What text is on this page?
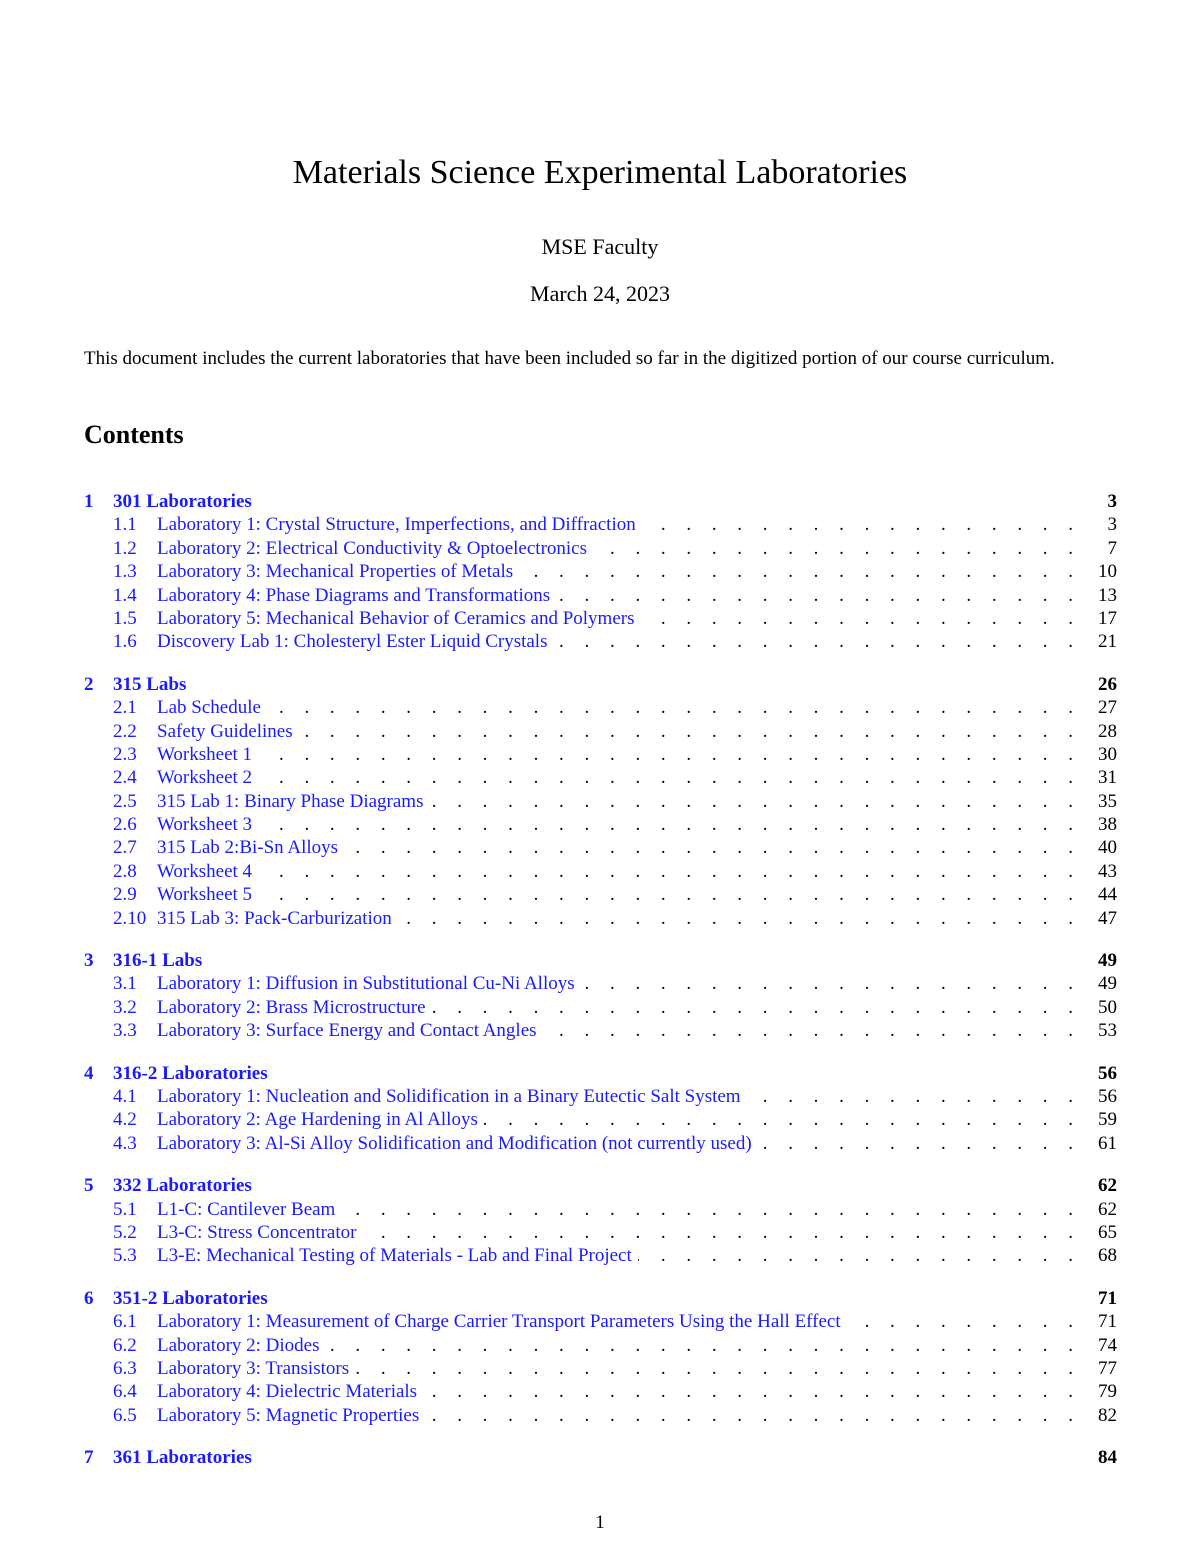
Materials Science Experimental Laboratories
MSE Faculty
March 24, 2023

This document includes the current laboratories that have been included so far in the digitized portion of our course curriculum.

Contents
1	301 Laboratories	3
1.1	Laboratory 1: Crystal Structure, Imperfections, and Diffraction . . .	3
1.2	Laboratory 2: Electrical Conductivity & Optoelectronics . . .	7
1.3	Laboratory 3: Mechanical Properties of Metals . . .	10
1.4	Laboratory 4: Phase Diagrams and Transformations . . .	13
1.5	Laboratory 5: Mechanical Behavior of Ceramics and Polymers . . .	17
1.6	Discovery Lab 1: Cholesteryl Ester Liquid Crystals . . .	21
2	315 Labs	26
2.1	Lab Schedule . . .	27
2.2	Safety Guidelines . . .	28
2.3	Worksheet 1 . . .	30
2.4	Worksheet 2 . . .	31
2.5	315 Lab 1: Binary Phase Diagrams . . .	35
2.6	Worksheet 3 . . .	38
2.7	315 Lab 2:Bi-Sn Alloys . . .	40
2.8	Worksheet 4 . . .	43
2.9	Worksheet 5 . . .	44
2.10 315 Lab 3: Pack-Carburization . . .	47
3	316-1 Labs	49
3.1	Laboratory 1: Diffusion in Substitutional Cu-Ni Alloys . . .	49
3.2	Laboratory 2: Brass Microstructure . . .	50
3.3	Laboratory 3: Surface Energy and Contact Angles . . .	53
4	316-2 Laboratories	56
4.1	Laboratory 1: Nucleation and Solidification in a Binary Eutectic Salt System . . .	56
4.2	Laboratory 2: Age Hardening in Al Alloys . . .	59
4.3	Laboratory 3: Al-Si Alloy Solidification and Modification (not currently used) . . .	61
5	332 Laboratories	62
5.1	L1-C: Cantilever Beam . . .	62
5.2	L3-C: Stress Concentrator . . .	65
5.3	L3-E: Mechanical Testing of Materials - Lab and Final Project . . .	68
6	351-2 Laboratories	71
6.1	Laboratory 1: Measurement of Charge Carrier Transport Parameters Using the Hall Effect . . .	71
6.2	Laboratory 2: Diodes . . .	74
6.3	Laboratory 3: Transistors . . .	77
6.4	Laboratory 4: Dielectric Materials . . .	79
6.5	Laboratory 5: Magnetic Properties . . .	82
7	361 Laboratories	84
1
